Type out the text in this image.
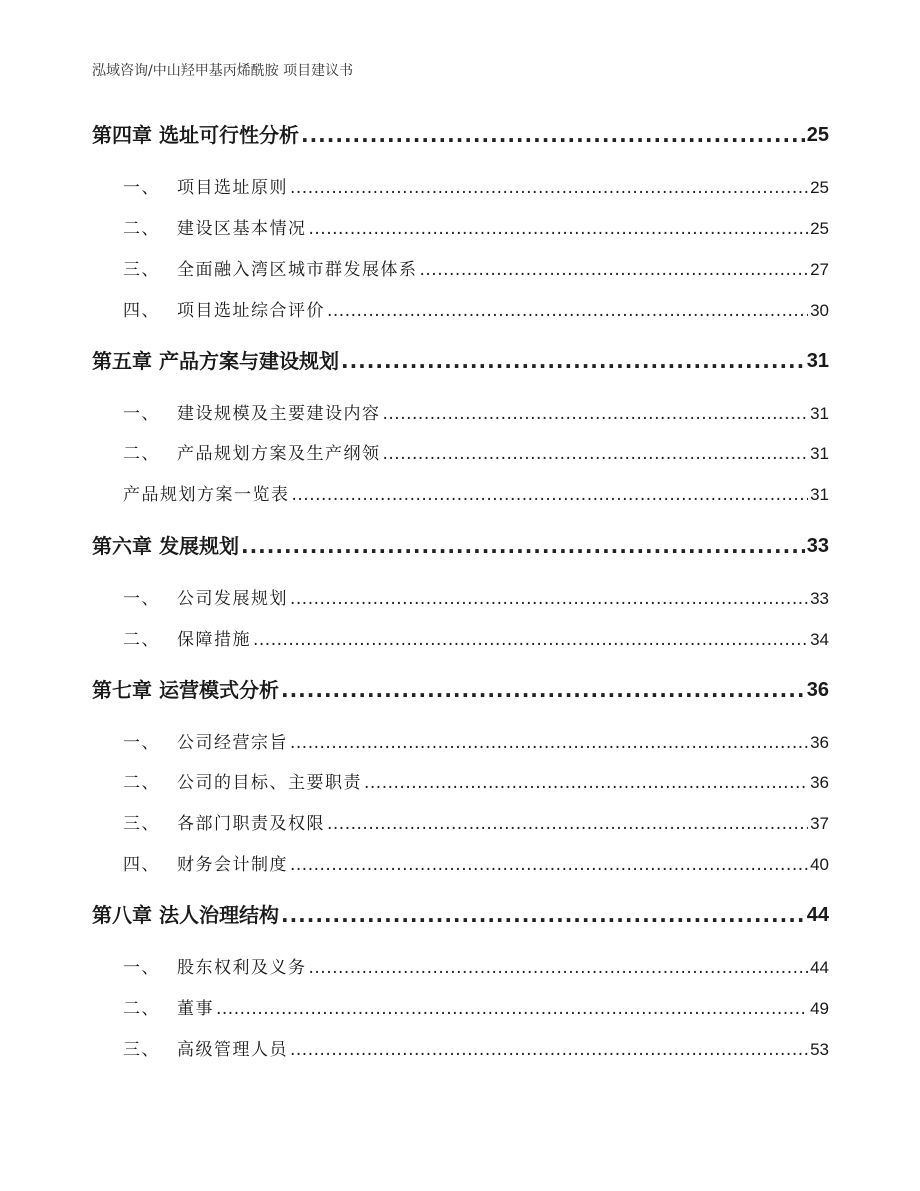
泓域咨询/中山羟甲基丙烯酰胺 项目建议书
第四章 选址可行性分析 .....	25
一、 项目选址原则 .....	25
二、 建设区基本情况 .....	25
三、 全面融入湾区城市群发展体系 .....	27
四、 项目选址综合评价 .....	30
第五章 产品方案与建设规划 .....	31
一、 建设规模及主要建设内容 .....	31
二、 产品规划方案及生产纲领 .....	31
产品规划方案一览表 .....	31
第六章 发展规划 .....	33
一、 公司发展规划 .....	33
二、 保障措施 .....	34
第七章 运营模式分析 .....	36
一、 公司经营宗旨 .....	36
二、 公司的目标、主要职责 .....	36
三、 各部门职责及权限 .....	37
四、 财务会计制度 .....	40
第八章 法人治理结构 .....	44
一、 股东权利及义务 .....	44
二、 董事 .....	49
三、 高级管理人员 .....	53
